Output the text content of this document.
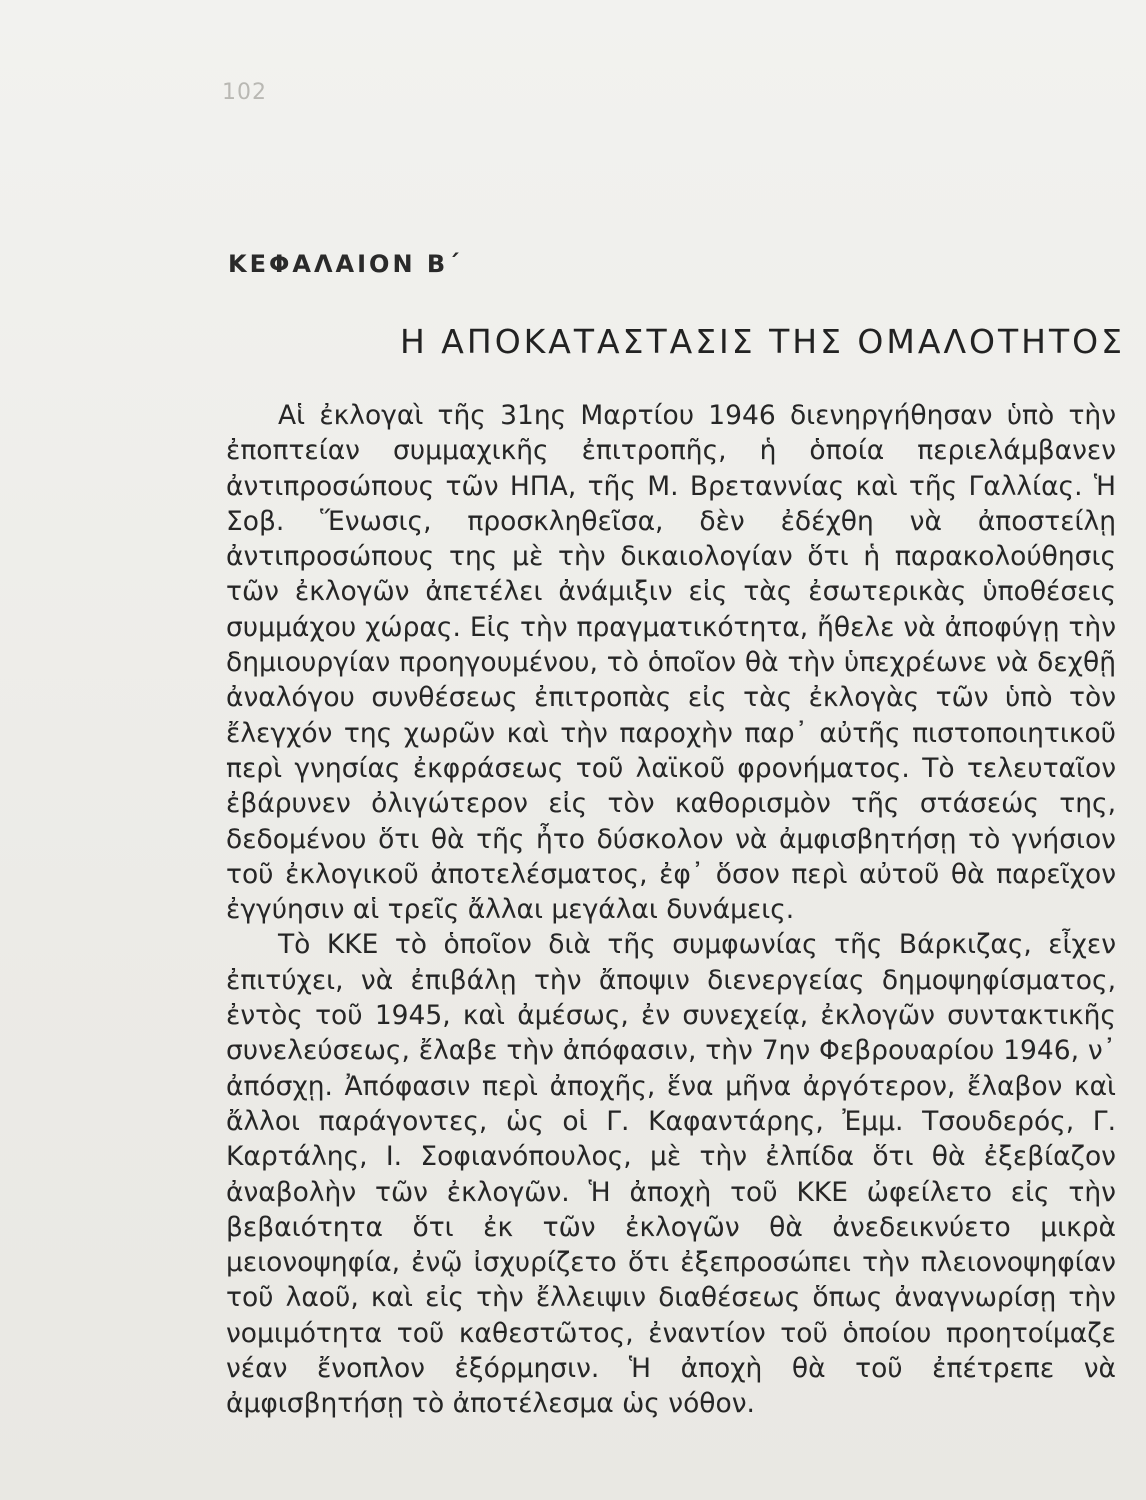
102
ΚΕΦΑΛΑΙΟΝ Β΄
Η ΑΠΟΚΑΤΑΣΤΑΣΙΣ ΤΗΣ ΟΜΑΛΟΤΗΤΟΣ

Αἱ ἐκλογαὶ τῆς 31ης Μαρτίου 1946 διενηργήθησαν ὑπὸ τὴν ἐποπτείαν συμμαχικῆς ἐπιτροπῆς, ἡ ὁποία περιελάμβανεν ἀντιπροσώπους τῶν ΗΠΑ, τῆς Μ. Βρεταννίας καὶ τῆς Γαλλίας. Ἡ Σοβ. Ἕνωσις, προσκληθεῖσα, δὲν ἐδέχθη νὰ ἀποστείλῃ ἀντιπροσώπους της μὲ τὴν δικαιολογίαν ὅτι ἡ παρακολούθησις τῶν ἐκλογῶν ἀπετέλει ἀνάμιξιν εἰς τὰς ἐσωτερικὰς ὑποθέσεις συμμάχου χώρας. Εἰς τὴν πραγματικότητα, ἤθελε νὰ ἀποφύγῃ τὴν δημιουργίαν προηγουμένου, τὸ ὁποῖον θὰ τὴν ὑπεχρέωνε νὰ δεχθῇ ἀναλόγου συνθέσεως ἐπιτροπὰς εἰς τὰς ἐκλογὰς τῶν ὑπὸ τὸν ἔλεγχόν της χωρῶν καὶ τὴν παροχὴν παρ᾽ αὐτῆς πιστοποιητικοῦ περὶ γνησίας ἐκφράσεως τοῦ λαϊκοῦ φρονήματος. Τὸ τελευταῖον ἐβάρυνεν ὀλιγώτερον εἰς τὸν καθορισμὸν τῆς στάσεώς της, δεδομένου ὅτι θὰ τῆς ἦτο δύσκολον νὰ ἀμφισβητήσῃ τὸ γνήσιον τοῦ ἐκλογικοῦ ἀποτελέσματος, ἐφ᾽ ὅσον περὶ αὐτοῦ θὰ παρεῖχον ἐγγύησιν αἱ τρεῖς ἄλλαι μεγάλαι δυνάμεις.

Τὸ ΚΚΕ τὸ ὁποῖον διὰ τῆς συμφωνίας τῆς Βάρκιζας, εἶχεν ἐπιτύχει, νὰ ἐπιβάλῃ τὴν ἄποψιν διενεργείας δημοψηφίσματος, ἐντὸς τοῦ 1945, καὶ ἀμέσως, ἐν συνεχείᾳ, ἐκλογῶν συντακτικῆς συνελεύσεως, ἔλαβε τὴν ἀπόφασιν, τὴν 7ην Φεβρουαρίου 1946, ν᾽ ἀπόσχῃ. Ἀπόφασιν περὶ ἀποχῆς, ἕνα μῆνα ἀργότερον, ἔλαβον καὶ ἄλλοι παράγοντες, ὡς οἱ Γ. Καφαντάρης, Ἐμμ. Τσουδερός, Γ. Καρτάλης, Ι. Σοφιανόπουλος, μὲ τὴν ἐλπίδα ὅτι θὰ ἐξεβίαζον ἀναβολὴν τῶν ἐκλογῶν. Ἡ ἀποχὴ τοῦ ΚΚΕ ὠφείλετο εἰς τὴν βεβαιότητα ὅτι ἐκ τῶν ἐκλογῶν θὰ ἀνεδεικνύετο μικρὰ μειονοψηφία, ἐνῷ ἰσχυρίζετο ὅτι ἐξεπροσώπει τὴν πλειονοψηφίαν τοῦ λαοῦ, καὶ εἰς τὴν ἔλλειψιν διαθέσεως ὅπως ἀναγνωρίσῃ τὴν νομιμότητα τοῦ καθεστῶτος, ἐναντίον τοῦ ὁποίου προητοίμαζε νέαν ἔνοπλον ἐξόρμησιν. Ἡ ἀποχὴ θὰ τοῦ ἐπέτρεπε νὰ ἀμφισβητήσῃ τὸ ἀποτέλεσμα ὡς νόθον.
